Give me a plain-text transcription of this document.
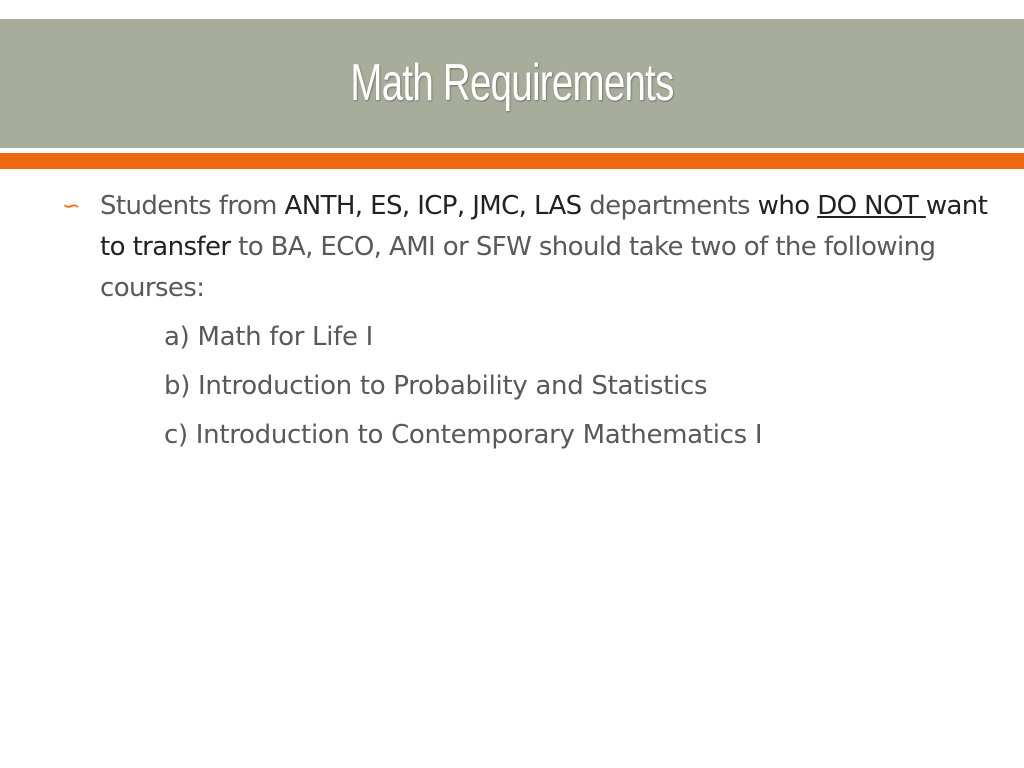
Math Requirements
∽ Students from ANTH, ES, ICP, JMC, LAS departments who DO NOT want to transfer to BA, ECO, AMI or SFW should take two of the following courses:
a) Math for Life I
b) Introduction to Probability and Statistics
c) Introduction to Contemporary Mathematics I
